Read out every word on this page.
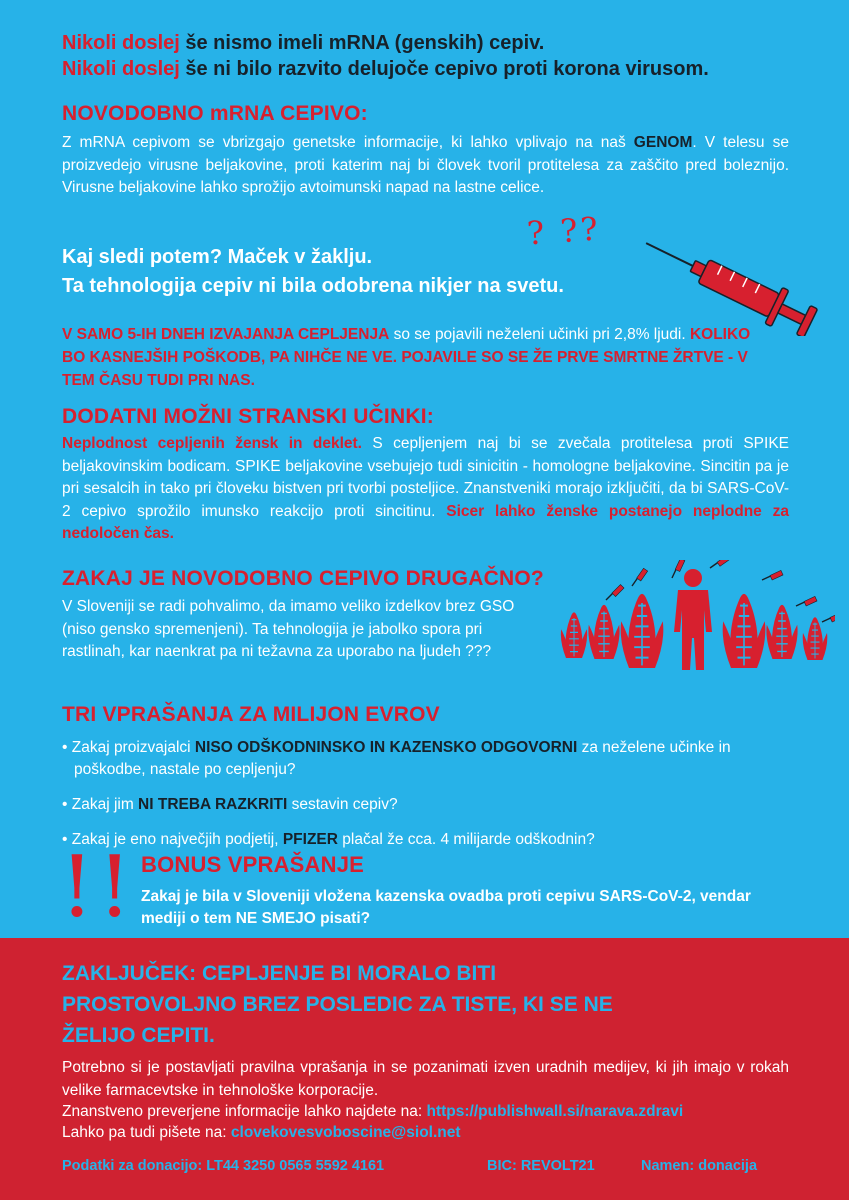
Nikoli doslej še nismo imeli mRNA (genskih) cepiv.
Nikoli doslej še ni bilo razvito delujoče cepivo proti korona virusom.
NOVODOBNO mRNA CEPIVO:
Z mRNA cepivom se vbrizgajo genetske informacije, ki lahko vplivajo na naš GENOM. V telesu se proizvedejo virusne beljakovine, proti katerim naj bi človek tvoril protitelesa za zaščito pred boleznijo. Virusne beljakovine lahko sprožijo avtoimunski napad na lastne celice.
Kaj sledi potem? Maček v žaklju.
Ta tehnologija cepiv ni bila odobrena nikjer na svetu.
? ??
V SAMO 5-IH DNEH IZVAJANJA CEPLJENJA so se pojavili neželeni učinki pri 2,8% ljudi. KOLIKO BO KASNEJŠIH POŠKODB, PA NIHČE NE VE. POJAVILE SO SE ŽE PRVE SMRTNE ŽRTVE - V TEM ČASU TUDI PRI NAS.
DODATNI MOŽNI STRANSKI UČINKI:
Neplodnost cepljenih žensk in deklet. S cepljenjem naj bi se zvečala protitelesa proti SPIKE beljakovinskim bodicam. SPIKE beljakovine vsebujejo tudi sinicitin - homologne beljakovine. Sincitin pa je pri sesalcih in tako pri človeku bistven pri tvorbi posteljice. Znanstveniki morajo izključiti, da bi SARS-CoV-2 cepivo sprožilo imunsko reakcijo proti sincitinu. Sicer lahko ženske postanejo neplodne za nedoločen čas.
ZAKAJ JE NOVODOBNO CEPIVO DRUGAČNO?
V Sloveniji se radi pohvalimo, da imamo veliko izdelkov brez GSO (niso gensko spremenjeni). Ta tehnologija je jabolko spora pri rastlinah, kar naenkrat pa ni težavna za uporabo na ljudeh ???
TRI VPRAŠANJA ZA MILIJON EVROV
• Zakaj proizvajalci NISO ODŠKODNINSKO IN KAZENSKO ODGOVORNI za neželene učinke in poškodbe, nastale po cepljenju?
• Zakaj jim NI TREBA RAZKRITI sestavin cepiv?
• Zakaj je eno največjih podjetij, PFIZER plačal že cca. 4 milijarde odškodnin?
!! BONUS VPRAŠANJE
Zakaj je bila v Sloveniji vložena kazenska ovadba proti cepivu SARS-CoV-2, vendar mediji o tem NE SMEJO pisati?
ZAKLJUČEK: CEPLJENJE BI MORALO BITI
PROSTOVOLJNO BREZ POSLEDIC ZA TISTE, KI SE NE
ŽELIJO CEPITI.
Potrebno si je postavljati pravilna vprašanja in se pozanimati izven uradnih medijev, ki jih imajo v rokah velike farmacevtske in tehnološke korporacije.
Znanstveno preverjene informacije lahko najdete na: https://publishwall.si/narava.zdravi
Lahko pa tudi pišete na: clovekovesvoboscine@siol.net
Podatki za donacijo: LT44 3250 0565 5592 4161	BIC: REVOLT21	Namen: donacija
